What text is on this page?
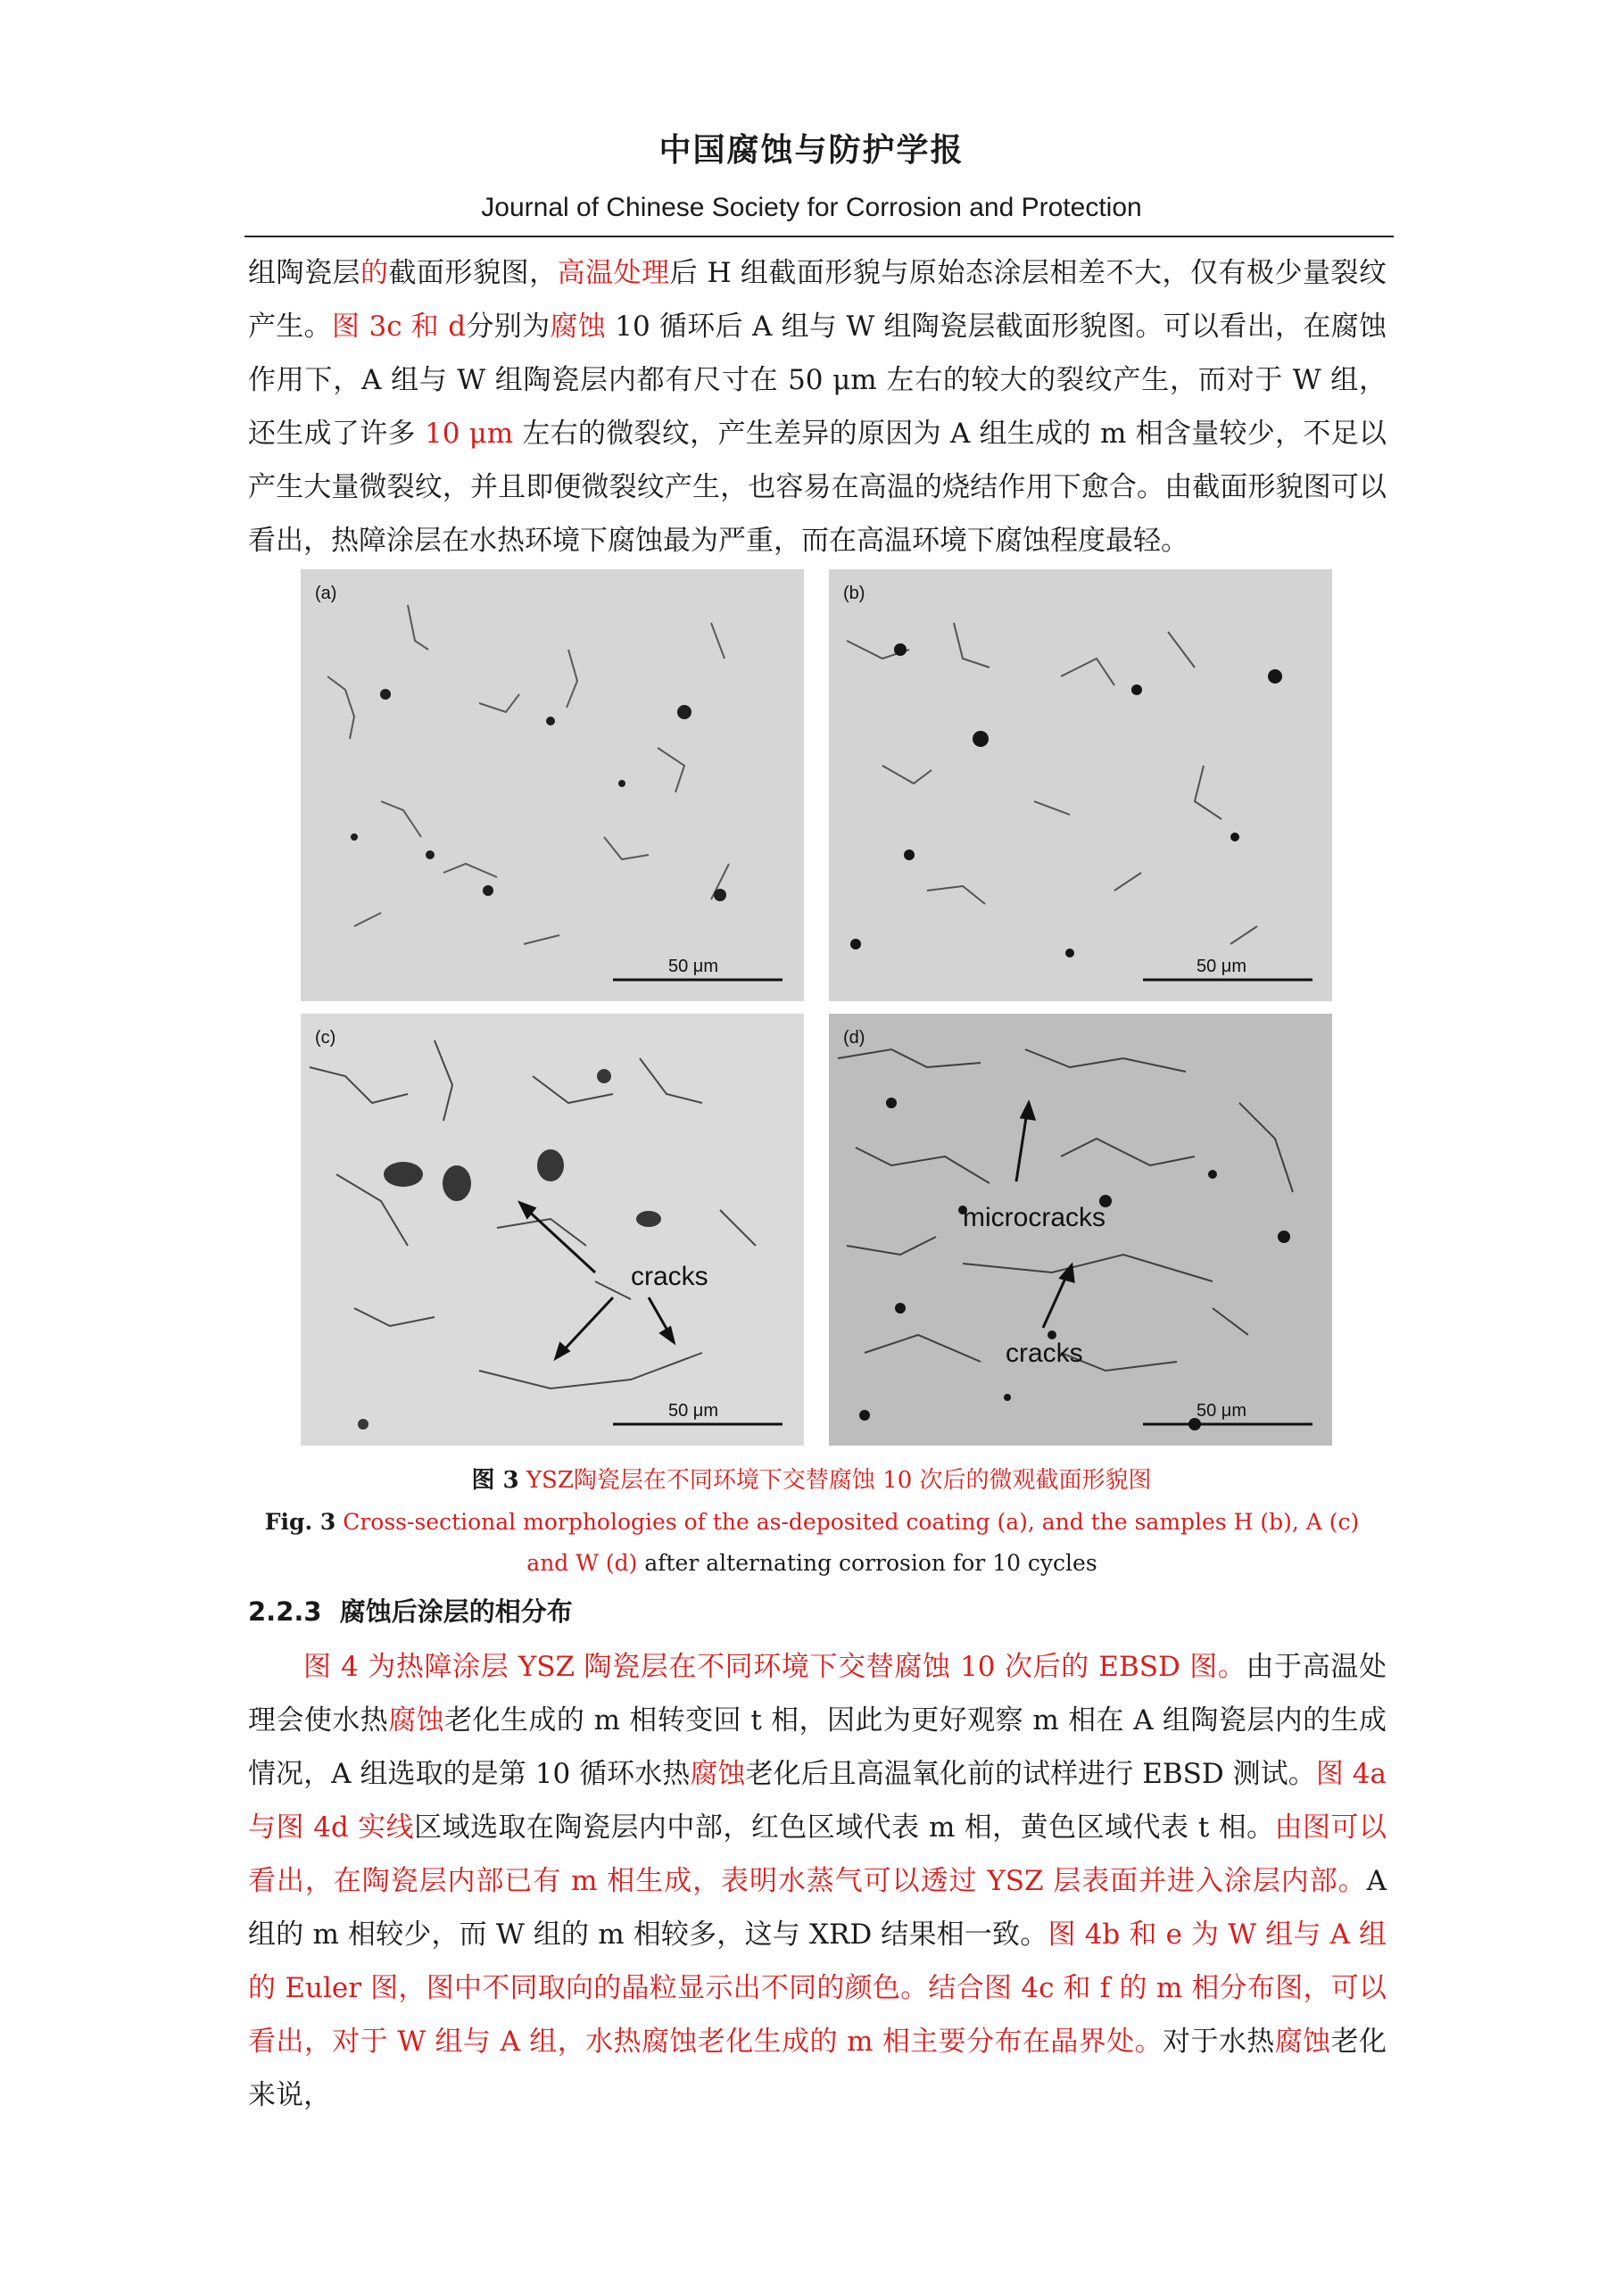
中国腐蚀与防护学报
Journal of Chinese Society for Corrosion and Protection

组陶瓷层的截面形貌图，高温处理后 H 组截面形貌与原始态涂层相差不大，仅有极少量裂纹产生。图 3c 和 d分别为腐蚀 10 循环后 A 组与 W 组陶瓷层截面形貌图。可以看出，在腐蚀作用下，A 组与 W 组陶瓷层内都有尺寸在 50 μm 左右的较大的裂纹产生，而对于 W 组，还生成了许多 10 μm 左右的微裂纹，产生差异的原因为 A 组生成的 m 相含量较少，不足以产生大量微裂纹，并且即便微裂纹产生，也容易在高温的烧结作用下愈合。由截面形貌图可以看出，热障涂层在水热环境下腐蚀最为严重，而在高温环境下腐蚀程度最轻。

(a)
50 μm
(b)
50 μm
(c)
cracks
50 μm
(d)
microcracks
cracks
50 μm
图 3 YSZ陶瓷层在不同环境下交替腐蚀 10 次后的微观截面形貌图
Fig. 3 Cross-sectional morphologies of the as-deposited coating (a), and the samples H (b), A (c) and W (d) after alternating corrosion for 10 cycles
2.2.3 腐蚀后涂层的相分布

图 4 为热障涂层 YSZ 陶瓷层在不同环境下交替腐蚀 10 次后的 EBSD 图。由于高温处理会使水热腐蚀老化生成的 m 相转变回 t 相，因此为更好观察 m 相在 A 组陶瓷层内的生成情况，A 组选取的是第 10 循环水热腐蚀老化后且高温氧化前的试样进行 EBSD 测试。图 4a 与图 4d 实线区域选取在陶瓷层内中部，红色区域代表 m 相，黄色区域代表 t 相。由图可以看出，在陶瓷层内部已有 m 相生成，表明水蒸气可以透过 YSZ 层表面并进入涂层内部。A 组的 m 相较少，而 W 组的 m 相较多，这与 XRD 结果相一致。图 4b 和 e 为 W 组与 A 组的 Euler 图，图中不同取向的晶粒显示出不同的颜色。结合图 4c 和 f 的 m 相分布图，可以看出，对于 W 组与 A 组，水热腐蚀老化生成的 m 相主要分布在晶界处。对于水热腐蚀老化来说，
